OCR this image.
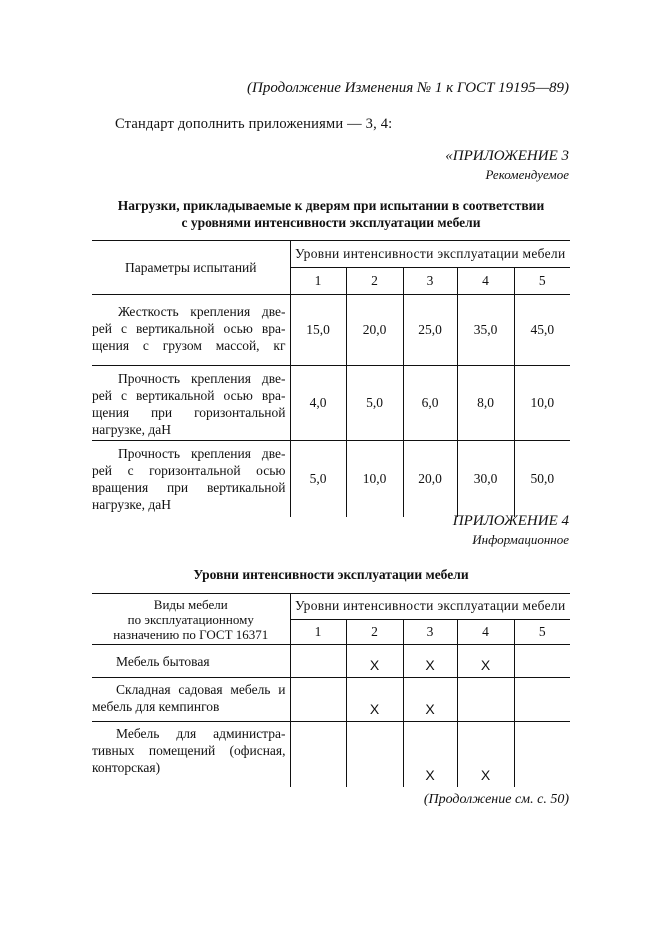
(Продолжение Изменения № 1 к ГОСТ 19195—89)
Стандарт дополнить приложениями — 3, 4:
«ПРИЛОЖЕНИЕ 3
Рекомендуемое
Нагрузки, прикладываемые к дверям при испытании в соответствии
с уровнями интенсивности эксплуатации мебели
Параметры испытаний	Уровни интенсивности эксплуатации мебели				
	1	2	3	4	5

Жесткость крепления две-
рей с вертикальной осью вра-
щения с грузом массой, кг	15,0	20,0	25,0	35,0	45,0

Прочность крепления две-
рей с вертикальной осью вра-
щения при горизонтальной
нагрузке, даН	4,0	5,0	6,0	8,0	10,0

Прочность крепления две-
рей с горизонтальной осью
вращения при вертикальной
нагрузке, даН	5,0	10,0	20,0	30,0	50,0
ПРИЛОЖЕНИЕ 4
Информационное
Уровни интенсивности эксплуатации мебели
Виды мебели
по эксплуатационному
назначению по ГОСТ 16371	Уровни интенсивности эксплуатации мебели				
	1	2	3	4	5
Мебель бытовая		X	X	X	

Складная садовая мебель и
мебель для кемпингов		X	X		

Мебель для администра-
тивных помещений (офисная,
конторская)			X	X	
(Продолжение см. с. 50)
